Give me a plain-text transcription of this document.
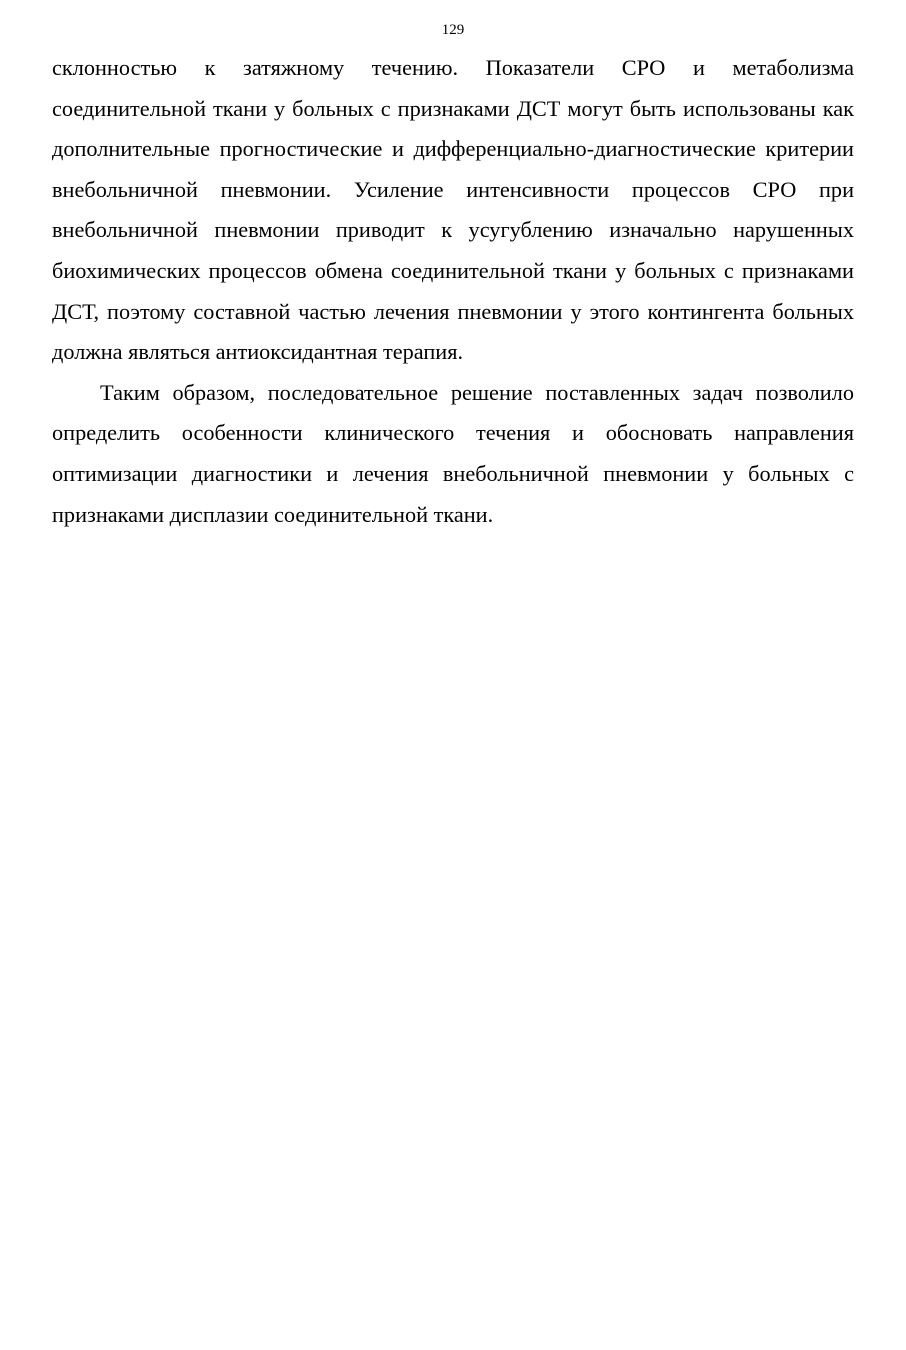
129

склонностью к затяжному течению. Показатели СРО и метаболизма соединительной ткани у больных с признаками ДСТ могут быть использованы как дополнительные прогностические и дифференциально-диагностические критерии внебольничной пневмонии. Усиление интенсивности процессов СРО при внебольничной пневмонии приводит к усугублению изначально нарушенных биохимических процессов обмена соединительной ткани у больных с признаками ДСТ, поэтому составной частью лечения пневмонии у этого контингента больных должна являться антиоксидантная терапия.

Таким образом, последовательное решение поставленных задач позволило определить особенности клинического течения и обосновать направления оптимизации диагностики и лечения внебольничной пневмонии у больных с признаками дисплазии соединительной ткани.
